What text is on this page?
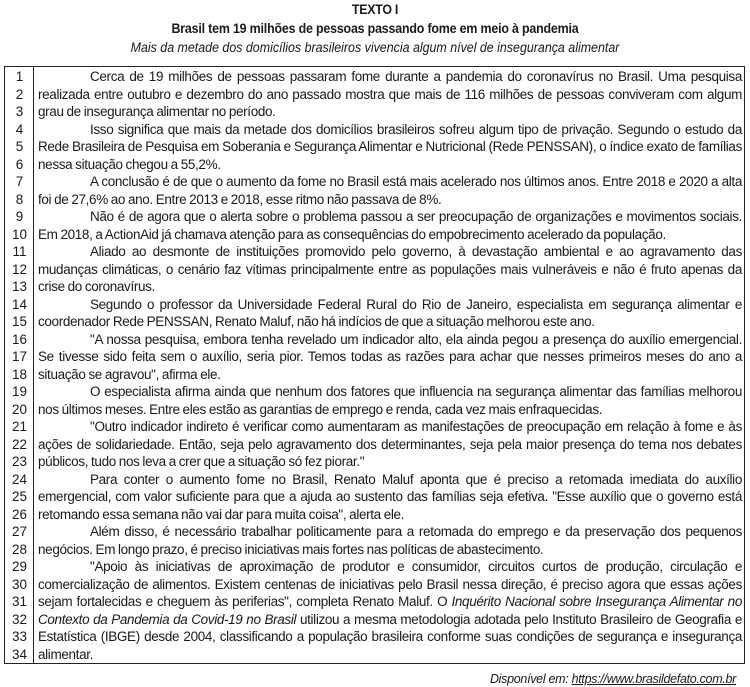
TEXTO I
Brasil tem 19 milhões de pessoas passando fome em meio à pandemia
Mais da metade dos domicílios brasileiros vivencia algum nível de insegurança alimentar
1
2
3
4
5
6
7
8
9
10
11
12
13
14
15
16
17
18
19
20
21
22
23
24
25
26
27
28
29
30
31
32
33
34
Cerca de 19 milhões de pessoas passaram fome durante a pandemia do coronavírus no Brasil. Uma pesquisa
realizada entre outubro e dezembro do ano passado mostra que mais de 116 milhões de pessoas conviveram com algum
grau de insegurança alimentar no período.
Isso significa que mais da metade dos domicílios brasileiros sofreu algum tipo de privação. Segundo o estudo da
Rede Brasileira de Pesquisa em Soberania e Segurança Alimentar e Nutricional (Rede PENSSAN), o índice exato de famílias
nessa situação chegou a 55,2%.
A conclusão é de que o aumento da fome no Brasil está mais acelerado nos últimos anos. Entre 2018 e 2020 a alta
foi de 27,6% ao ano. Entre 2013 e 2018, esse ritmo não passava de 8%.
Não é de agora que o alerta sobre o problema passou a ser preocupação de organizações e movimentos sociais.
Em 2018, a ActionAid já chamava atenção para as consequências do empobrecimento acelerado da população.
Aliado ao desmonte de instituições promovido pelo governo, à devastação ambiental e ao agravamento das
mudanças climáticas, o cenário faz vítimas principalmente entre as populações mais vulneráveis e não é fruto apenas da
crise do coronavírus.
Segundo o professor da Universidade Federal Rural do Rio de Janeiro, especialista em segurança alimentar e
coordenador Rede PENSSAN, Renato Maluf, não há indícios de que a situação melhorou este ano.
"A nossa pesquisa, embora tenha revelado um indicador alto, ela ainda pegou a presença do auxílio emergencial.
Se tivesse sido feita sem o auxílio, seria pior. Temos todas as razões para achar que nesses primeiros meses do ano a
situação se agravou", afirma ele.
O especialista afirma ainda que nenhum dos fatores que influencia na segurança alimentar das famílias melhorou
nos últimos meses. Entre eles estão as garantias de emprego e renda, cada vez mais enfraquecidas.
"Outro indicador indireto é verificar como aumentaram as manifestações de preocupação em relação à fome e às
ações de solidariedade. Então, seja pelo agravamento dos determinantes, seja pela maior presença do tema nos debates
públicos, tudo nos leva a crer que a situação só fez piorar."
Para conter o aumento fome no Brasil, Renato Maluf aponta que é preciso a retomada imediata do auxílio
emergencial, com valor suficiente para que a ajuda ao sustento das famílias seja efetiva. "Esse auxílio que o governo está
retomando essa semana não vai dar para muita coisa", alerta ele.
Além disso, é necessário trabalhar politicamente para a retomada do emprego e da preservação dos pequenos
negócios. Em longo prazo, é preciso iniciativas mais fortes nas políticas de abastecimento.
"Apoio às iniciativas de aproximação de produtor e consumidor, circuitos curtos de produção, circulação e
comercialização de alimentos. Existem centenas de iniciativas pelo Brasil nessa direção, é preciso agora que essas ações
sejam fortalecidas e cheguem às periferias", completa Renato Maluf. O Inquérito Nacional sobre Insegurança Alimentar no
Contexto da Pandemia da Covid-19 no Brasil utilizou a mesma metodologia adotada pelo Instituto Brasileiro de Geografia e
Estatística (IBGE) desde 2004, classificando a população brasileira conforme suas condições de segurança e insegurança
alimentar.
Disponível em: https://www.brasildefato.com.br
